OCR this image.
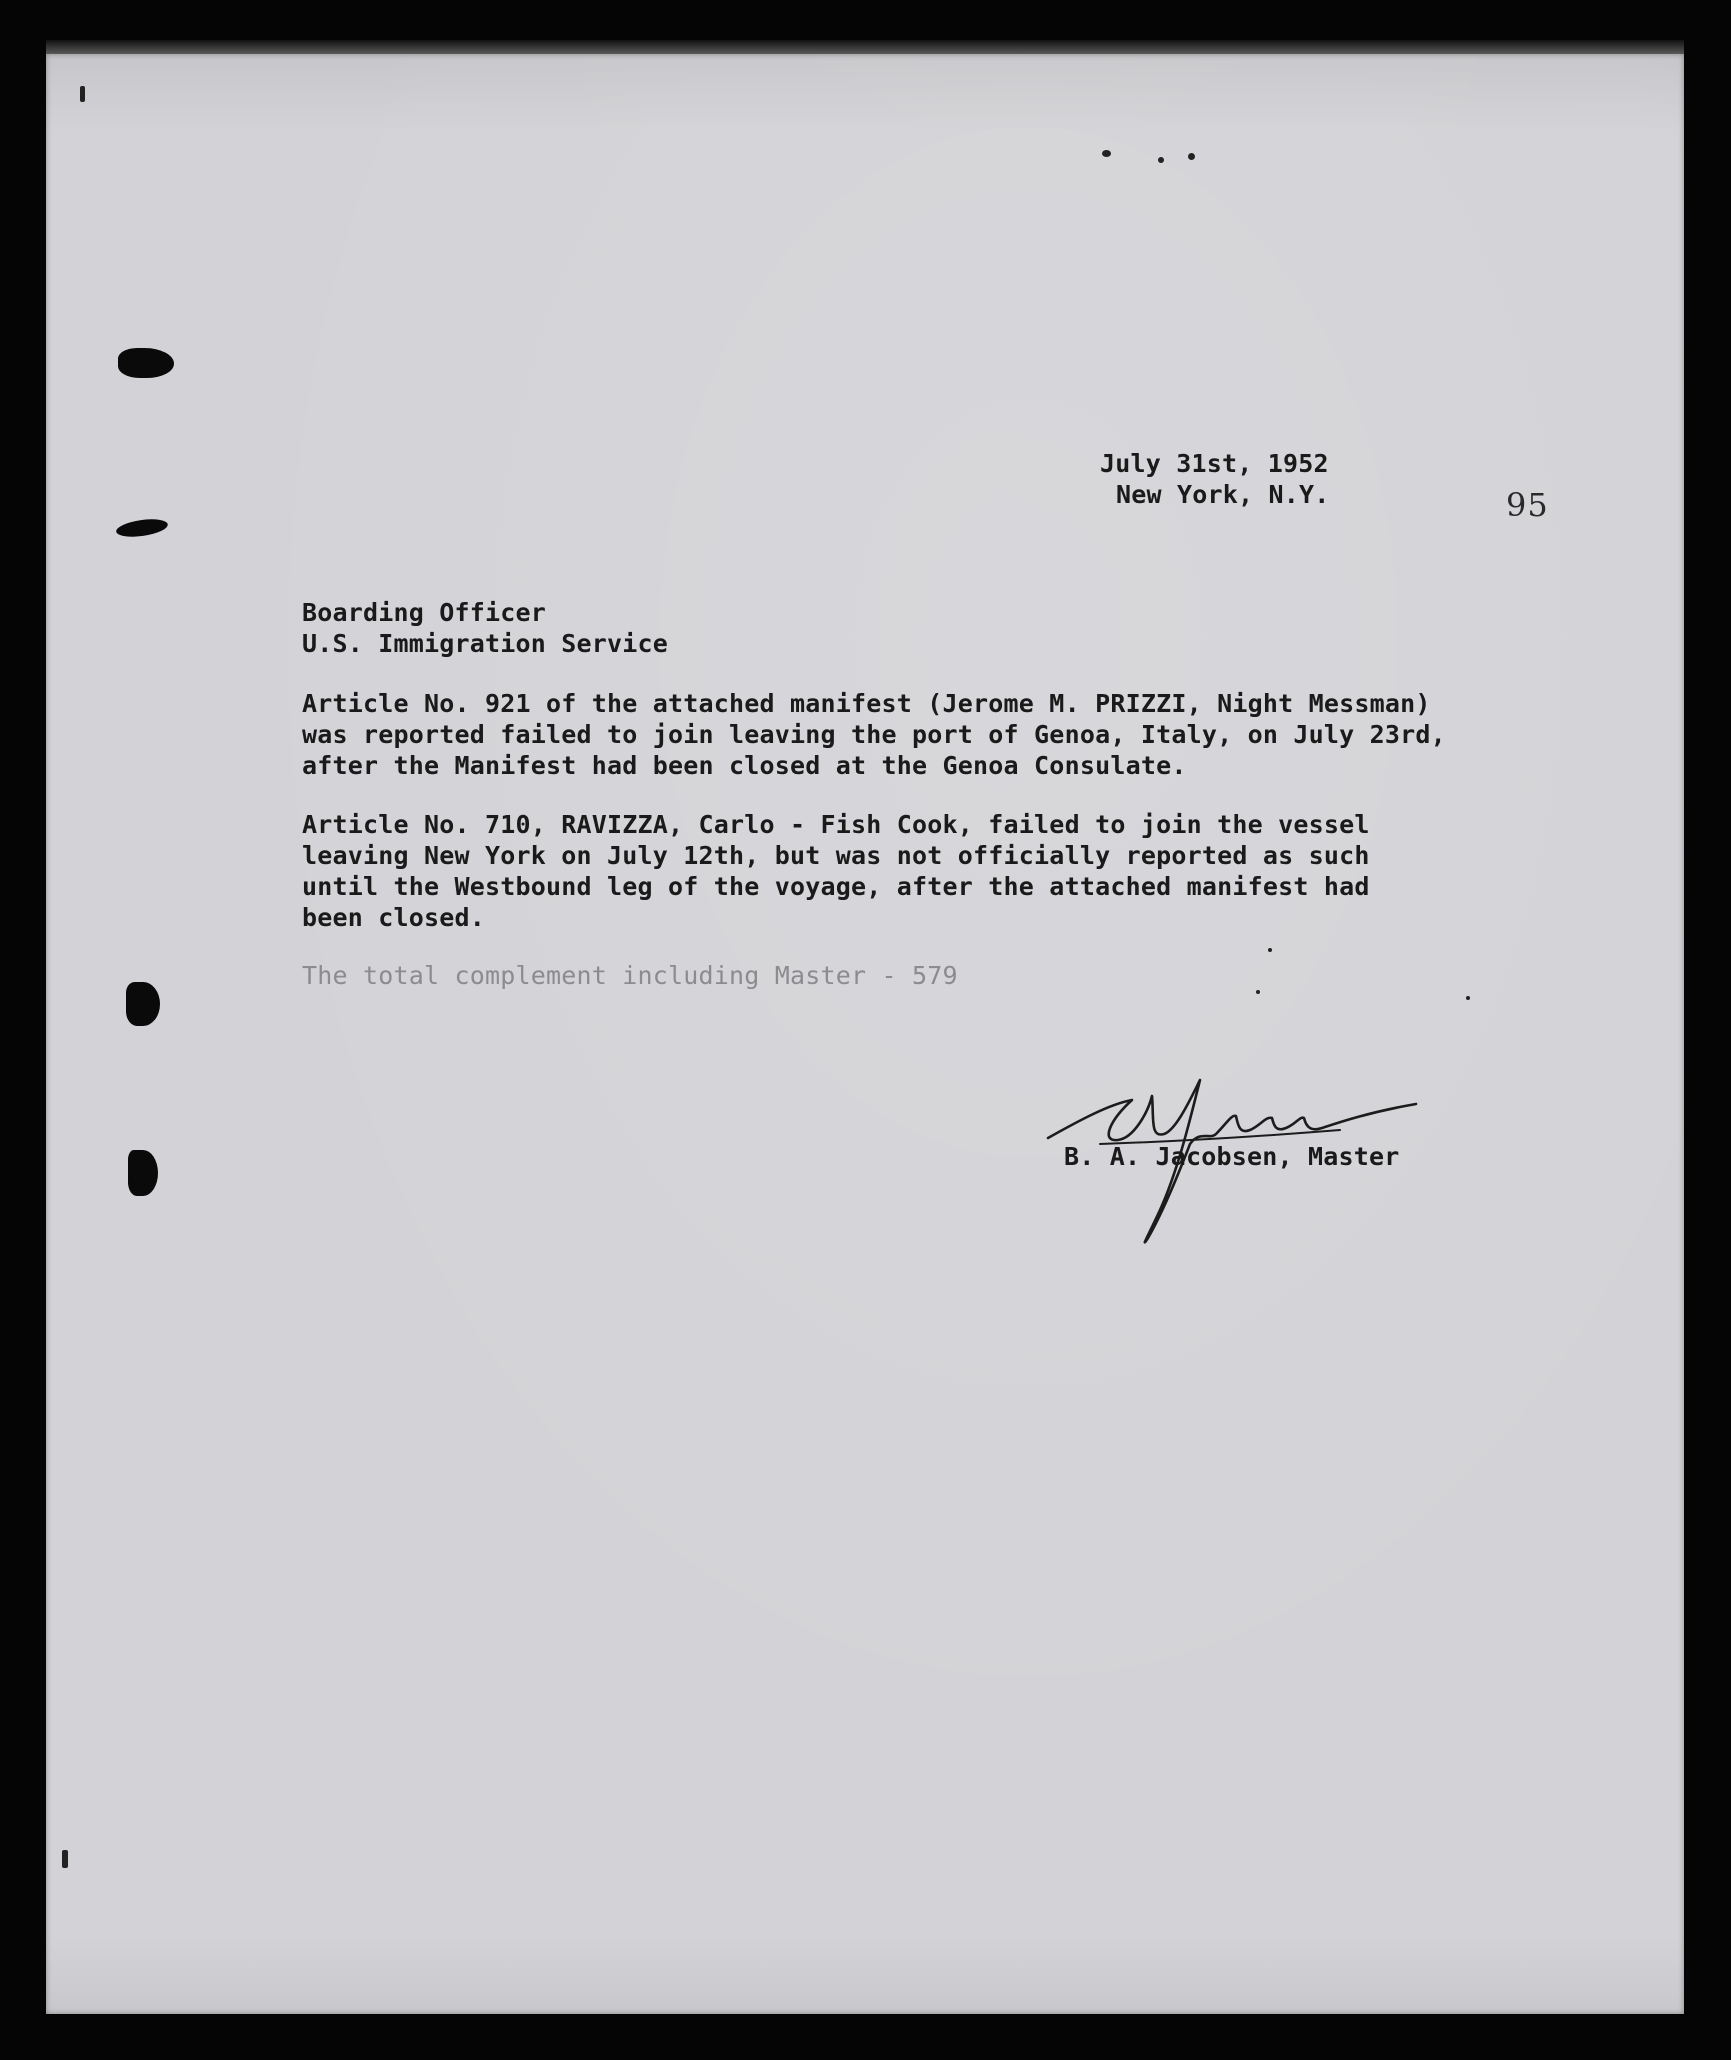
July 31st, 1952
New York, N.Y.	95
Boarding Officer
U.S. Immigration Service
Article No. 921 of the attached manifest (Jerome M. PRIZZI, Night Messman)
was reported failed to join leaving the port of Genoa, Italy, on July 23rd,
after the Manifest had been closed at the Genoa Consulate.
Article No. 710, RAVIZZA, Carlo - Fish Cook, failed to join the vessel
leaving New York on July 12th, but was not officially reported as such
until the Westbound leg of the voyage, after the attached manifest had
been closed.
The total complement including Master - 579
B. A. Jacobsen, Master
